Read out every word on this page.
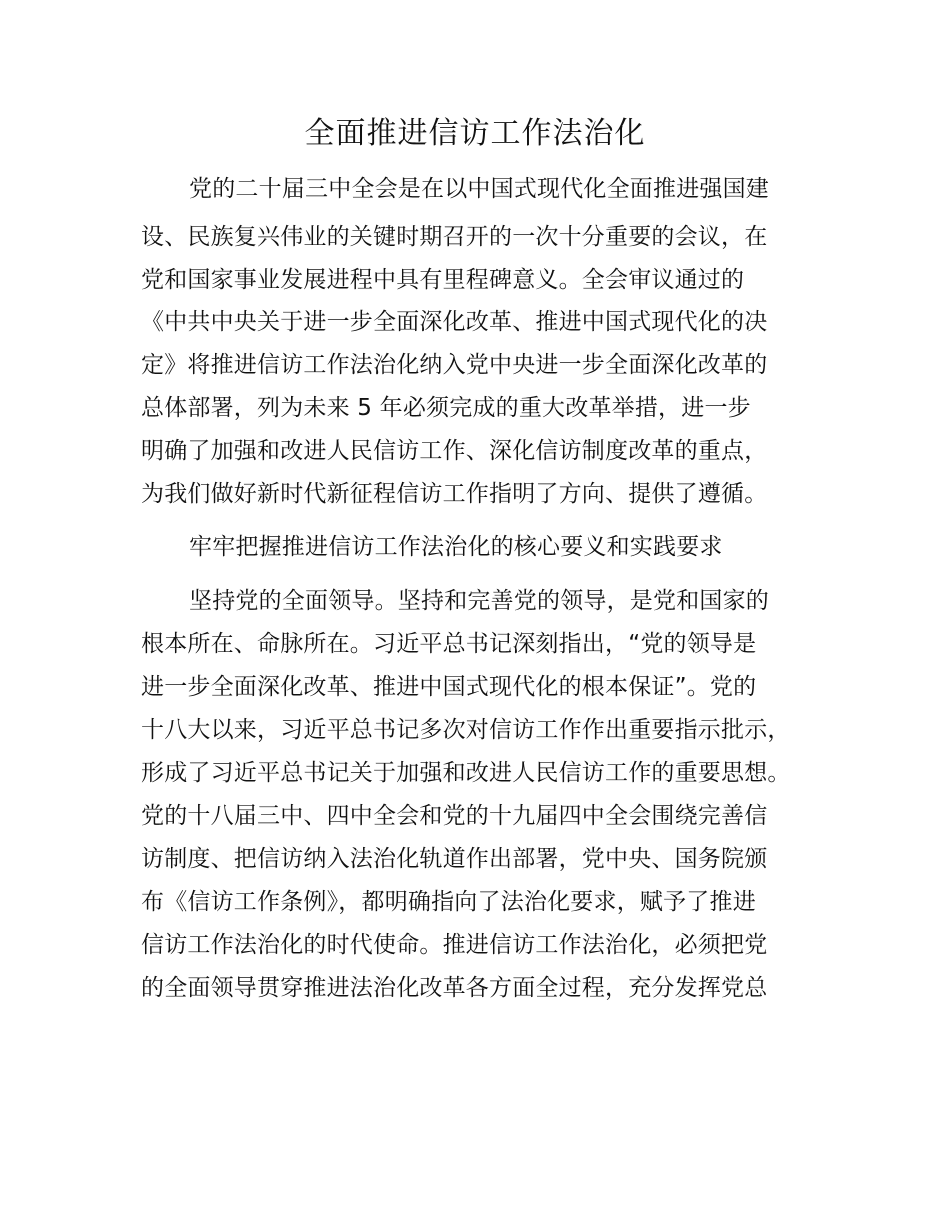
全面推进信访工作法治化
党的二十届三中全会是在以中国式现代化全面推进强国建
设、民族复兴伟业的关键时期召开的一次十分重要的会议，在
党和国家事业发展进程中具有里程碑意义。全会审议通过的
《中共中央关于进一步全面深化改革、推进中国式现代化的决
定》将推进信访工作法治化纳入党中央进一步全面深化改革的
总体部署，列为未来 5 年必须完成的重大改革举措，进一步
明确了加强和改进人民信访工作、深化信访制度改革的重点，
为我们做好新时代新征程信访工作指明了方向、提供了遵循。
牢牢把握推进信访工作法治化的核心要义和实践要求
坚持党的全面领导。坚持和完善党的领导，是党和国家的
根本所在、命脉所在。习近平总书记深刻指出，“党的领导是
进一步全面深化改革、推进中国式现代化的根本保证”。党的
十八大以来，习近平总书记多次对信访工作作出重要指示批示，
形成了习近平总书记关于加强和改进人民信访工作的重要思想。
党的十八届三中、四中全会和党的十九届四中全会围绕完善信
访制度、把信访纳入法治化轨道作出部署，党中央、国务院颁
布《信访工作条例》，都明确指向了法治化要求，赋予了推进
信访工作法治化的时代使命。推进信访工作法治化，必须把党
的全面领导贯穿推进法治化改革各方面全过程，充分发挥党总
